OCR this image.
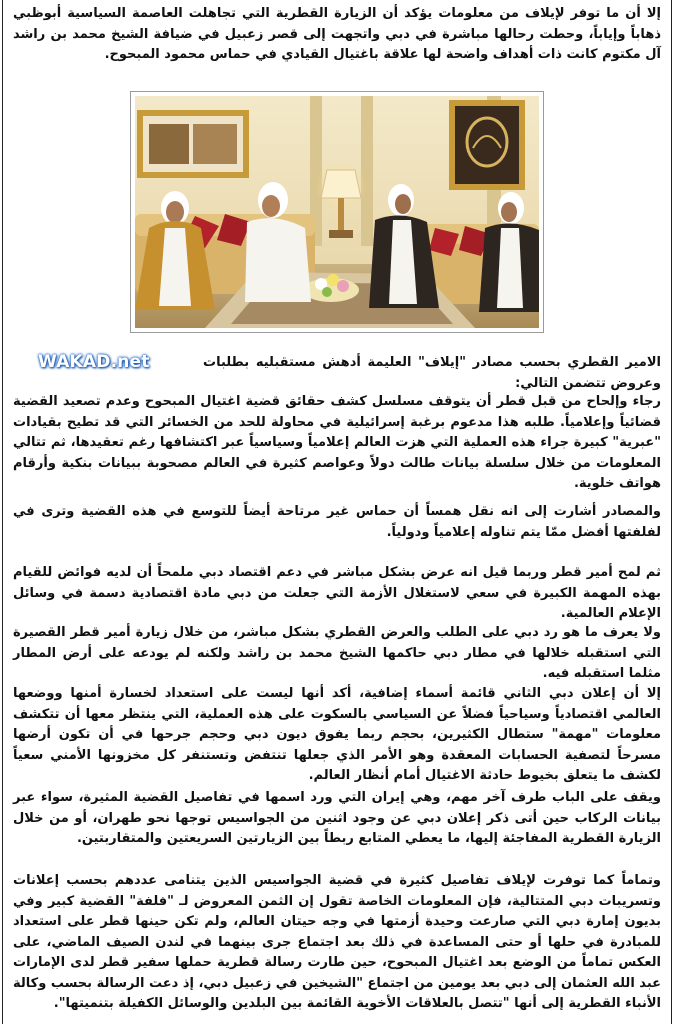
إلا أن ما توفر لإيلاف من معلومات يؤكد أن الزيارة القطرية التي تجاهلت العاصمة السياسية أبوظبي ذهاباً وإياباً، وحطت رحالها مباشرة في دبي واتجهت إلى قصر زعبيل في ضيافة الشيخ محمد بن راشد آل مكتوم كانت ذات أهداف واضحة لها علاقة باغتيال القيادي في حماس محمود المبحوح.

WAKAD.net	الامير القطري بحسب مصادر "إيلاف" العليمة أدهش مستقبليه بطلبات وعروض تتضمن التالي:

رجاء وإلحاح من قبل قطر أن يتوقف مسلسل كشف حقائق قضية اغتيال المبحوح وعدم تصعيد القضية قضائياً وإعلامياً. طلبه هذا مدعوم برغبة إسرائيلية في محاولة للحد من الخسائر التي قد تطيح بقيادات "عبرية" كبيرة جراء هذه العملية التي هزت العالم إعلامياً وسياسياً عبر اكتشافها رغم تعقيدها، ثم تتالي المعلومات من خلال سلسلة بيانات طالت دولاً وعواصم كثيرة في العالم مصحوبة ببيانات بنكية وأرقام هواتف خلوية.

والمصادر أشارت إلى انه نقل همساً أن حماس غير مرتاحة أيضاً للتوسع في هذه القضية وترى في لفلفتها أفضل ممّا يتم تناوله إعلامياً ودولياً.

ثم لمح أمير قطر وربما قيل انه عرض بشكل مباشر في دعم اقتصاد دبي ملمحاً أن لديه فوائض للقيام بهذه المهمة الكبيرة في سعي لاستغلال الأزمة التي جعلت من دبي مادة اقتصادية دسمة في وسائل الإعلام العالمية.

ولا يعرف ما هو رد دبي على الطلب والعرض القطري بشكل مباشر، من خلال زيارة أمير قطر القصيرة التي استقبله خلالها في مطار دبي حاكمها الشيخ محمد بن راشد ولكنه لم يودعه على أرض المطار مثلما استقبله فيه.

إلا أن إعلان دبي الثاني قائمة أسماء إضافية، أكد أنها ليست على استعداد لخسارة أمنها ووضعها العالمي اقتصادياً وسياحياً فضلاً عن السياسي بالسكوت على هذه العملية، التي ينتظر معها أن تتكشف معلومات "مهمة" ستطال الكثيرين، بحجم ربما يفوق ديون دبي وحجم جرحها في أن تكون أرضها مسرحاً لتصفية الحسابات المعقدة وهو الأمر الذي جعلها تنتفض وتستنفر كل مخزونها الأمني سعياً لكشف ما يتعلق بخيوط حادثة الاغتيال أمام أنظار العالم.

ويقف على الباب طرف آخر مهم، وهي إيران التي ورد اسمها في تفاصيل القضية المثيرة، سواء عبر بيانات الركاب حين أتى ذكر إعلان دبي عن وجود اثنين من الجواسيس توجها نحو طهران، أو من خلال الزيارة القطرية المفاجئة إليها، ما يعطي المتابع ربطاً بين الزيارتين السريعتين والمتقاربتين.

وتماماً كما توفرت لإيلاف تفاصيل كثيرة في قضية الجواسيس الذين يتنامى عددهم بحسب إعلانات وتسريبات دبي المتتالية، فإن المعلومات الخاصة تقول إن الثمن المعروض لـ "فلفة" القضية كبير وفي بديون إمارة دبي التي صارعت وحيدة أزمتها في وجه حيتان العالم، ولم تكن حينها قطر على استعداد للمبادرة في حلها أو حتى المساعدة في ذلك بعد اجتماع جرى بينهما في لندن الصيف الماضي، على العكس تماماً من الوضع بعد اغتيال المبحوح، حين طارت رسالة قطرية حملها سفير قطر لدى الإمارات عبد الله العثمان إلى دبي بعد يومين من اجتماع "الشيخين في زعبيل دبي، إذ دعت الرسالة بحسب وكالة الأنباء القطرية إلى أنها "تتصل بالعلاقات الأخوية القائمة بين البلدين والوسائل الكفيلة بتنميتها".
